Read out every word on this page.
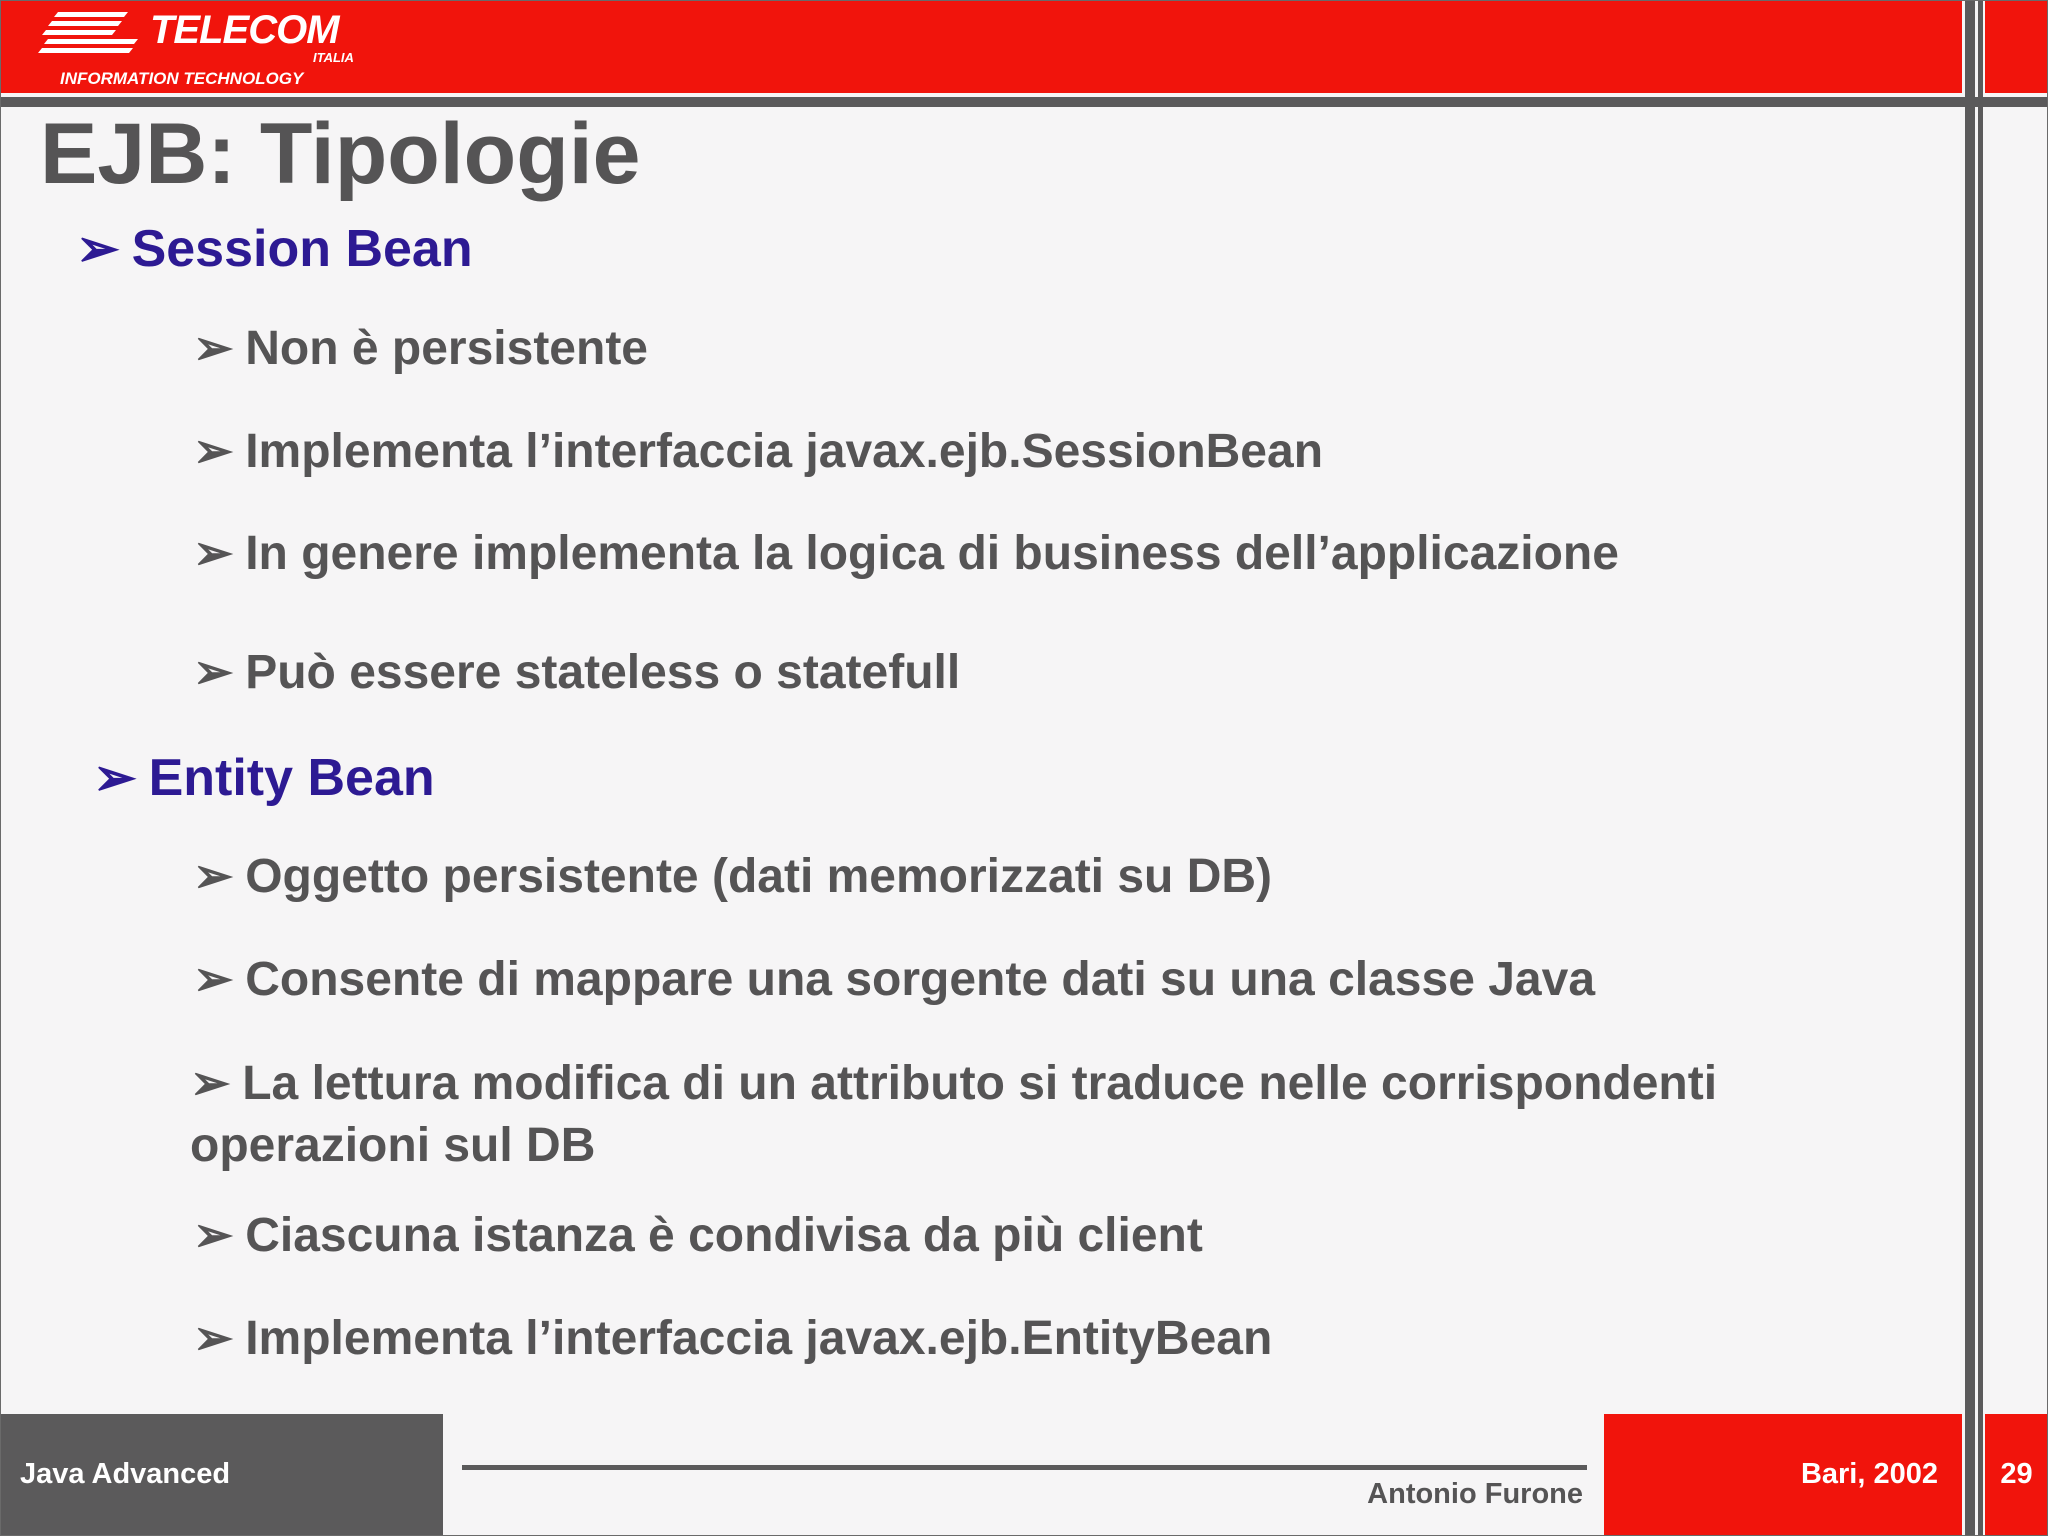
TELECOM
ITALIA
INFORMATION TECHNOLOGY
EJB: Tipologie
➢ Session Bean
➢ Non è persistente
➢ Implementa l’interfaccia javax.ejb.SessionBean
➢ In genere implementa la logica di business dell’applicazione
➢ Può essere stateless o statefull
➢ Entity Bean
➢ Oggetto persistente (dati memorizzati su DB)
➢ Consente di mappare una sorgente dati su una classe Java
➢ La lettura modifica di un attributo si traduce nelle corrispondenti operazioni sul DB
➢ Ciascuna istanza è condivisa da più client
➢ Implementa l’interfaccia javax.ejb.EntityBean
Java Advanced
Antonio Furone
Bari, 2002	29
